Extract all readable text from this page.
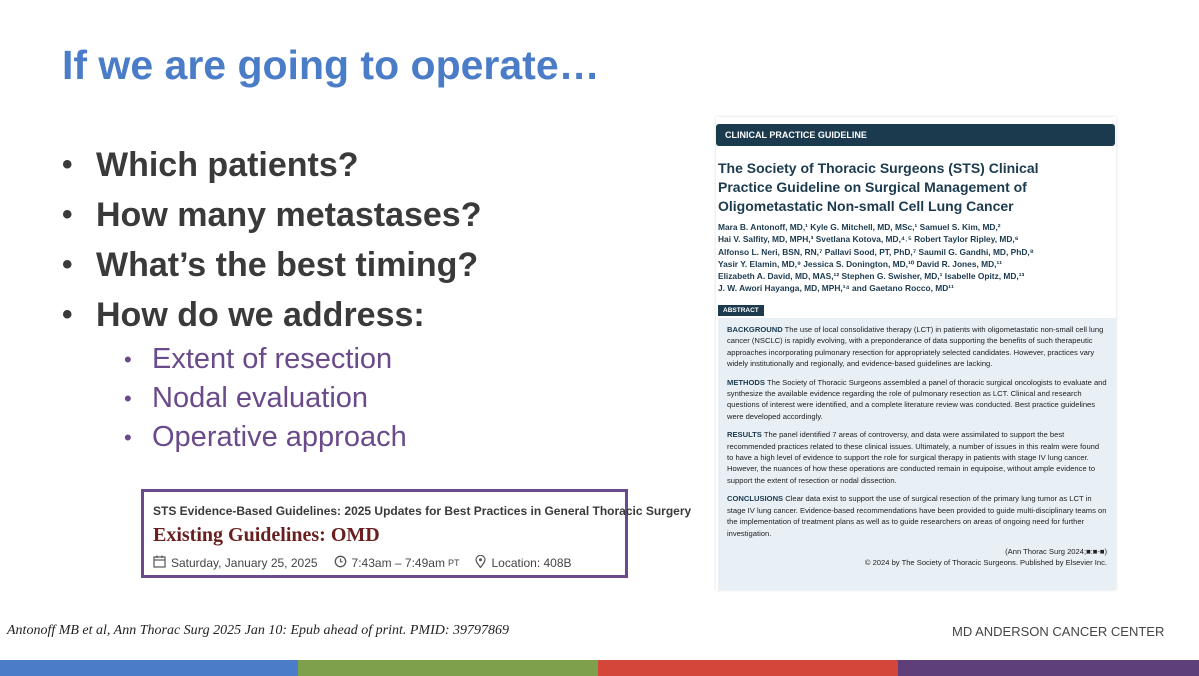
If we are going to operate…
• Which patients?
• How many metastases?
• What’s the best timing?
• How do we address:
• Extent of resection
• Nodal evaluation
• Operative approach
STS Evidence-Based Guidelines: 2025 Updates for Best Practices in General Thoracic Surgery
Existing Guidelines: OMD
Saturday, January 25, 2025	7:43am – 7:49am PT	Location: 408B
CLINICAL PRACTICE GUIDELINE
The Society of Thoracic Surgeons (STS) Clinical Practice Guideline on Surgical Management of Oligometastatic Non-small Cell Lung Cancer
Mara B. Antonoff, MD,¹ Kyle G. Mitchell, MD, MSc,¹ Samuel S. Kim, MD,²
Hai V. Salfity, MD, MPH,³ Svetlana Kotova, MD,⁴˒⁵ Robert Taylor Ripley, MD,⁶
Alfonso L. Neri, BSN, RN,⁷ Pallavi Sood, PT, PhD,⁷ Saumil G. Gandhi, MD, PhD,⁸
Yasir Y. Elamin, MD,⁹ Jessica S. Donington, MD,¹⁰ David R. Jones, MD,¹¹
Elizabeth A. David, MD, MAS,¹² Stephen G. Swisher, MD,¹ Isabelle Opitz, MD,¹³
J. W. Awori Hayanga, MD, MPH,¹⁴ and Gaetano Rocco, MD¹¹
ABSTRACT

BACKGROUND The use of local consolidative therapy (LCT) in patients with oligometastatic non-small cell lung cancer (NSCLC) is rapidly evolving, with a preponderance of data supporting the benefits of such therapeutic approaches incorporating pulmonary resection for appropriately selected candidates. However, practices vary widely institutionally and regionally, and evidence-based guidelines are lacking.

METHODS The Society of Thoracic Surgeons assembled a panel of thoracic surgical oncologists to evaluate and synthesize the available evidence regarding the role of pulmonary resection as LCT. Clinical and research questions of interest were identified, and a complete literature review was conducted. Best practice guidelines were developed accordingly.

RESULTS The panel identified 7 areas of controversy, and data were assimilated to support the best recommended practices related to these clinical issues. Ultimately, a number of issues in this realm were found to have a high level of evidence to support the role for surgical therapy in patients with stage IV lung cancer. However, the nuances of how these operations are conducted remain in equipoise, without ample evidence to support the extent of resection or nodal dissection.

CONCLUSIONS Clear data exist to support the use of surgical resection of the primary lung tumor as LCT in stage IV lung cancer. Evidence-based recommendations have been provided to guide multi-disciplinary teams on the implementation of treatment plans as well as to guide researchers on areas of ongoing need for further investigation.

(Ann Thorac Surg 2024;■:■-■)

© 2024 by The Society of Thoracic Surgeons. Published by Elsevier Inc.

Antonoff MB et al, Ann Thorac Surg 2025 Jan 10: Epub ahead of print. PMID: 39797869	MD ANDERSON CANCER CENTER
